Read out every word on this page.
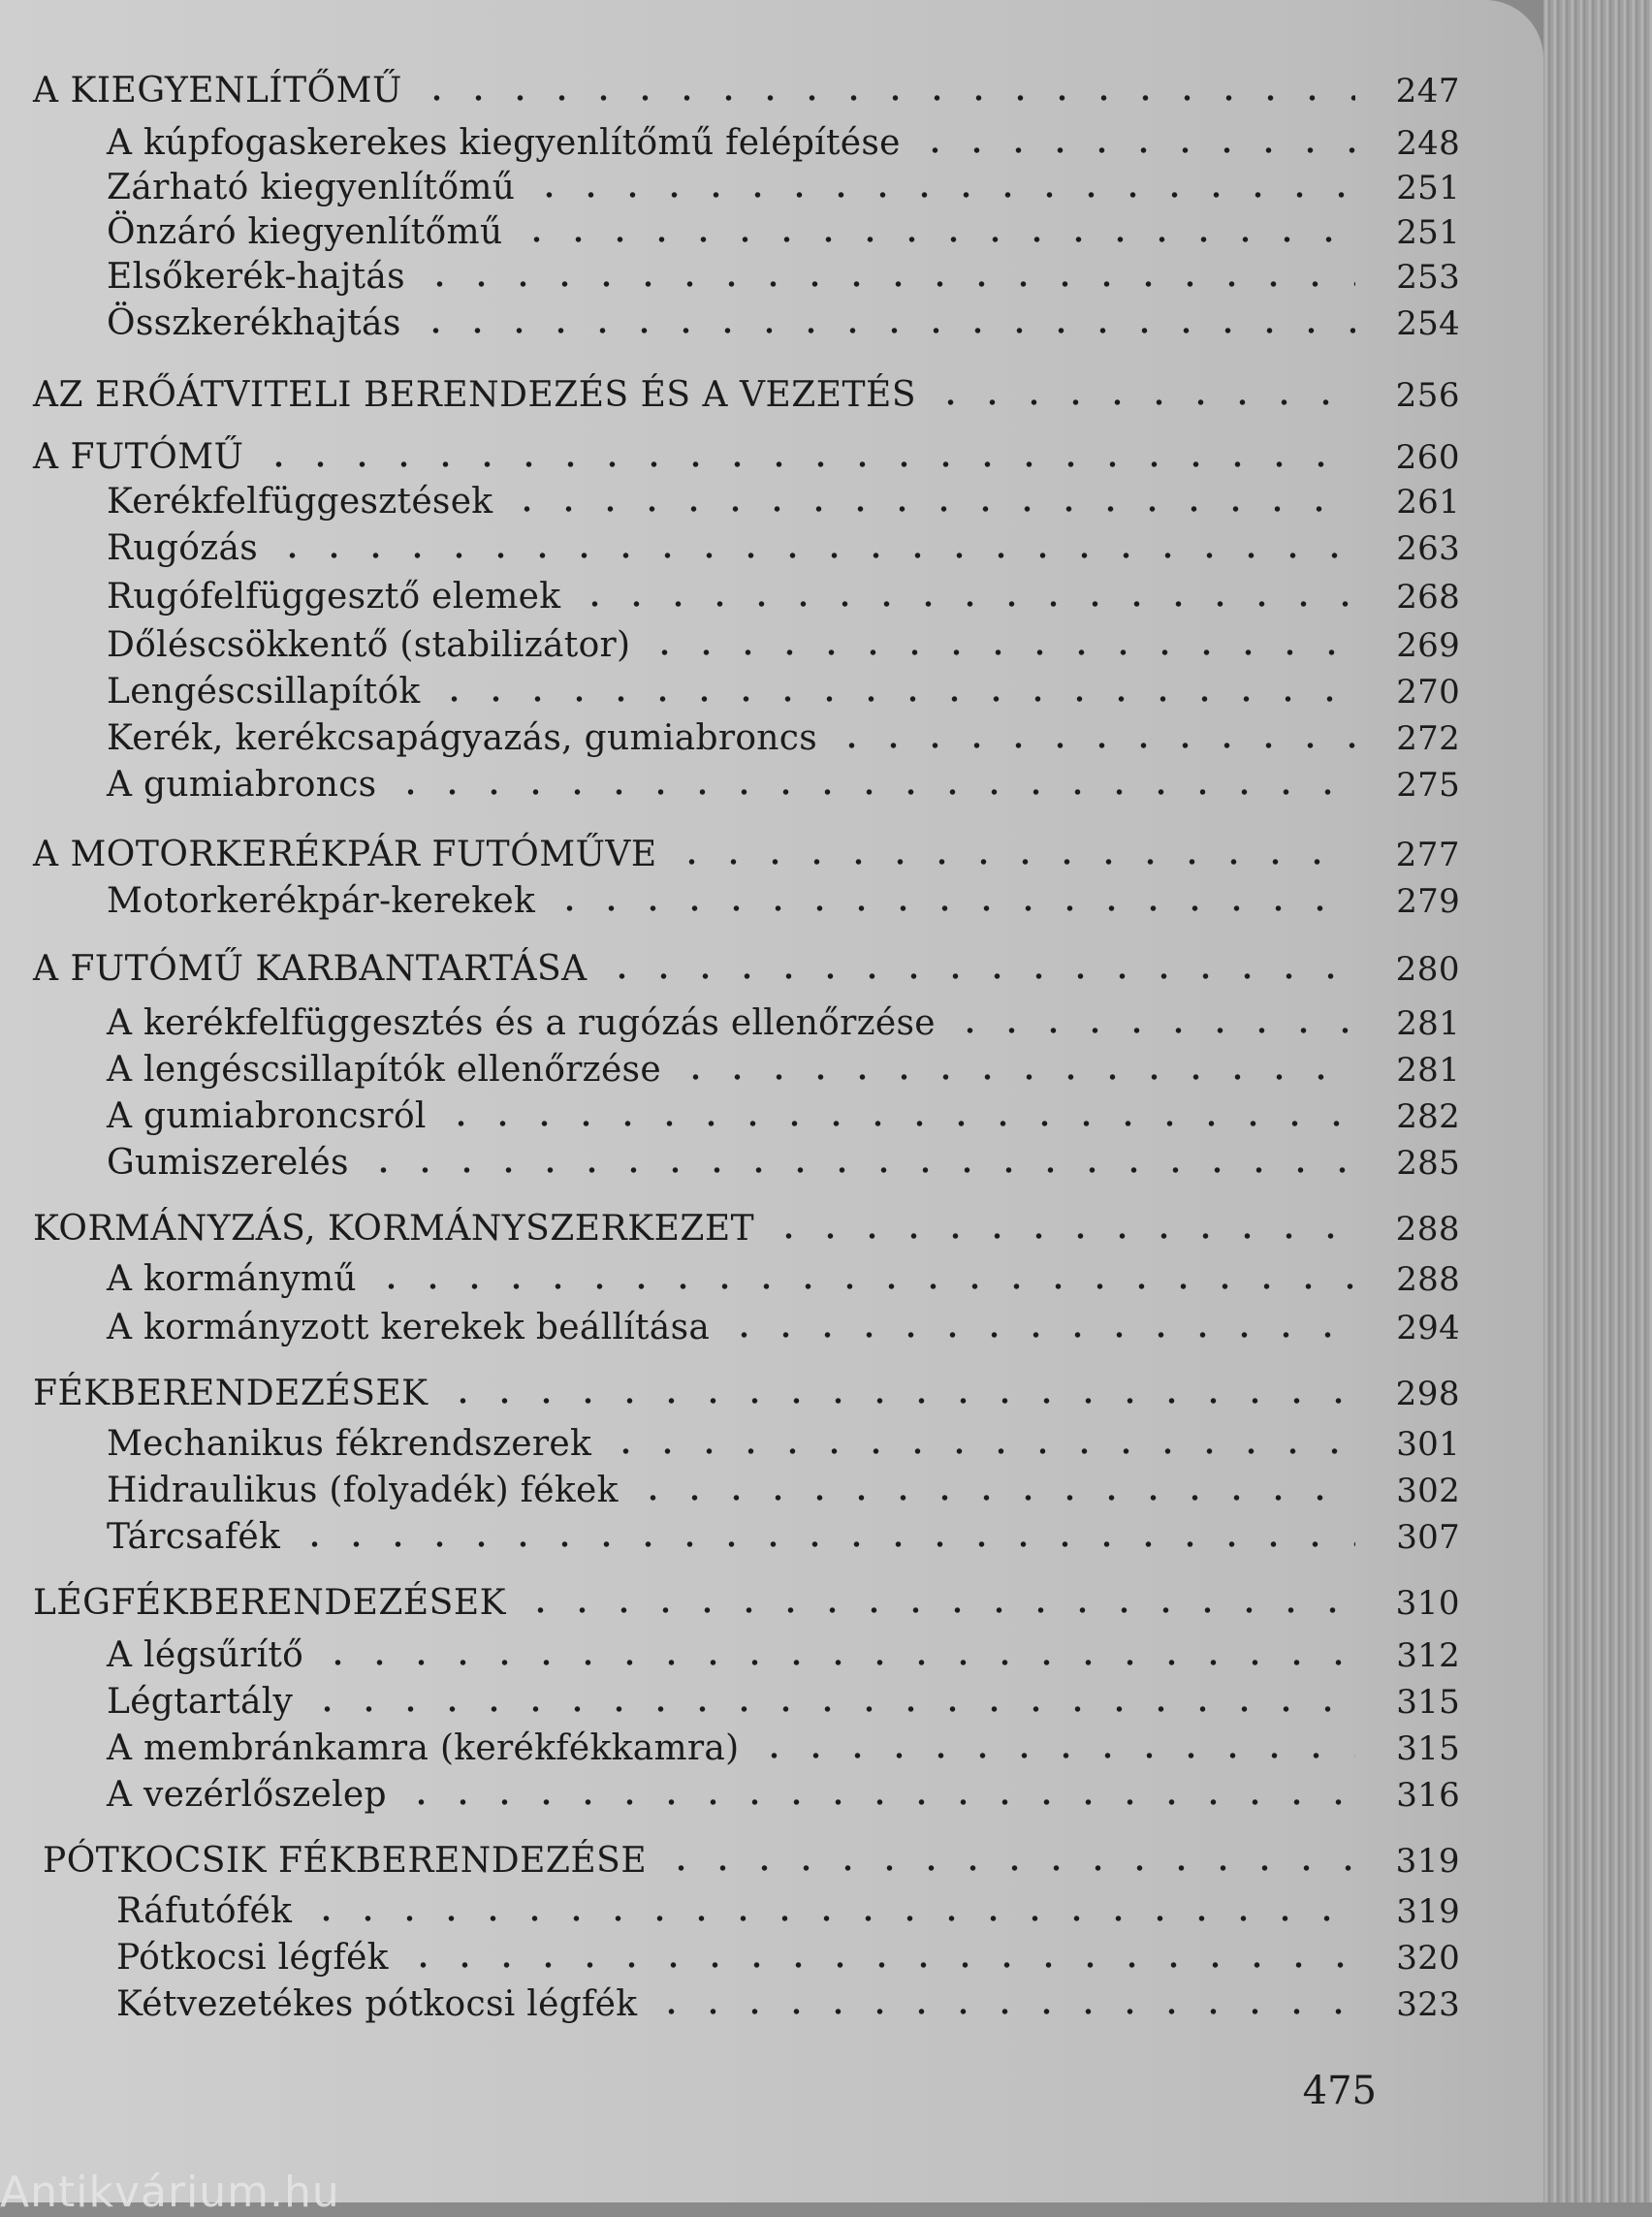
A KIEGYENLÍTŐMŰ	247
A kúpfogaskerekes kiegyenlítőmű felépítése	248
Zárható kiegyenlítőmű	251
Önzáró kiegyenlítőmű	251
Elsőkerék-hajtás	253
Összkerékhajtás	254
AZ ERŐÁTVITELI BERENDEZÉS ÉS A VEZETÉS	256
A FUTÓMŰ	260
Kerékfelfüggesztések	261
Rugózás	263
Rugófelfüggesztő elemek	268
Dőléscsökkentő (stabilizátor)	269
Lengéscsillapítók	270
Kerék, kerékcsapágyazás, gumiabroncs	272
A gumiabroncs	275
A MOTORKERÉKPÁR FUTÓMŰVE	277
Motorkerékpár-kerekek	279
A FUTÓMŰ KARBANTARTÁSA	280
A kerékfelfüggesztés és a rugózás ellenőrzése	281
A lengéscsillapítók ellenőrzése	281
A gumiabroncsról	282
Gumiszerelés	285
KORMÁNYZÁS, KORMÁNYSZERKEZET	288
A kormánymű	288
A kormányzott kerekek beállítása	294
FÉKBERENDEZÉSEK	298
Mechanikus fékrendszerek	301
Hidraulikus (folyadék) fékek	302
Tárcsafék	307
LÉGFÉKBERENDEZÉSEK	310
A légsűrítő	312
Légtartály	315
A membránkamra (kerékfékkamra)	315
A vezérlőszelep	316
PÓTKOCSIK FÉKBERENDEZÉSE	319
Ráfutófék	319
Pótkocsi légfék	320
Kétvezetékes pótkocsi légfék	323
475
Antikvárium.hu
